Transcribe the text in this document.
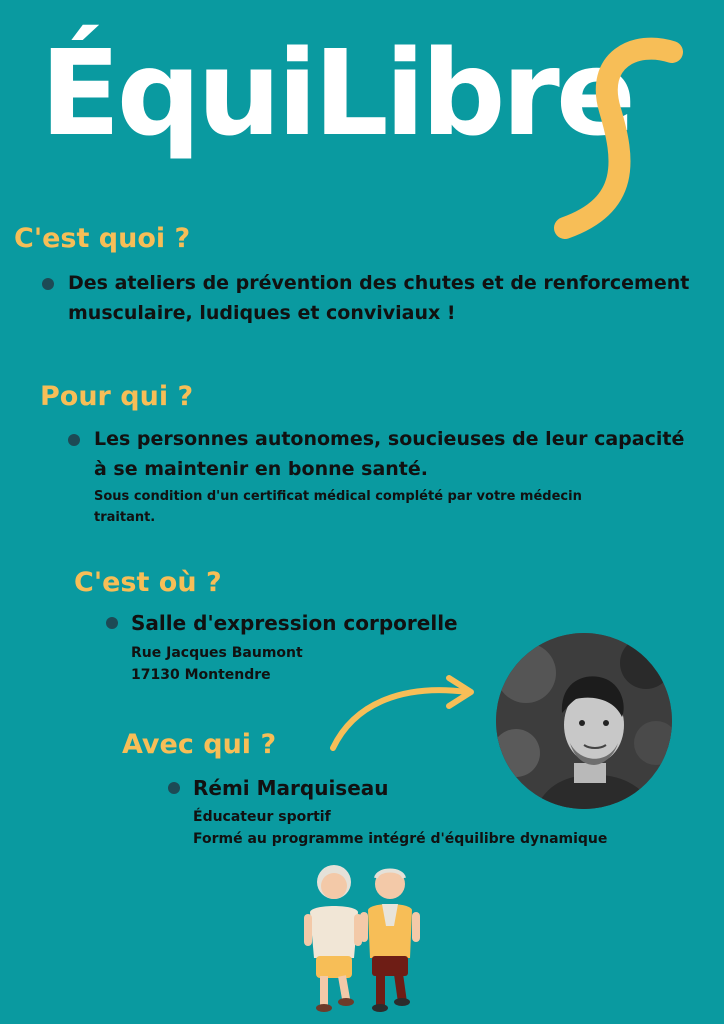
ÉquiLibre
C'est quoi ?
Des ateliers de prévention des chutes et de renforcement
musculaire, ludiques et conviviaux !
Pour qui ?
Les personnes autonomes, soucieuses de leur capacité
à se maintenir en bonne santé.
Sous condition d'un certificat médical complété par votre médecin
traitant.
C'est où ?
Salle d'expression corporelle
Rue Jacques Baumont
17130 Montendre
Avec qui ?
Rémi Marquiseau
Éducateur sportif
Formé au programme intégré d'équilibre dynamique
